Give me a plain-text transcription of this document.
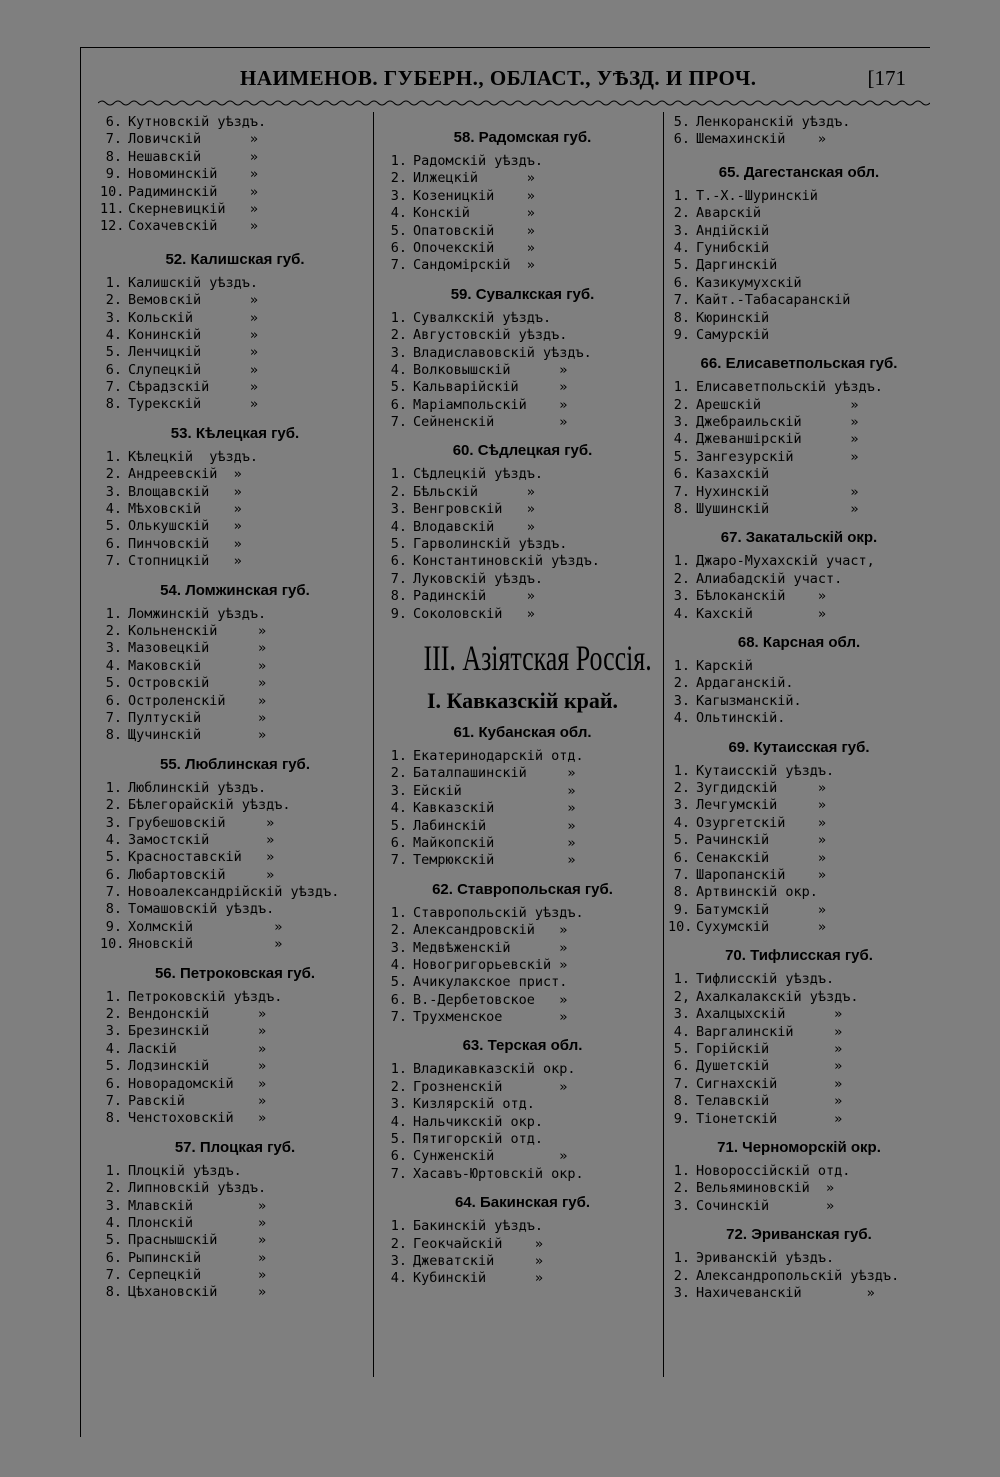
НАИМЕНОВ. ГУБЕРН., ОБЛАСТ., УѢЗД. И ПРОЧ.	[171
6. Кутновскій уѣздъ.
7. Ловичскій      »
8. Нешавскій      »
9. Новоминскій    »
10. Радиминскій    »
11. Скерневицкій   »
12. Сохачевскій    »
52. Калишская губ.
1. Калишскій уѣздъ.
2. Вемовскій      »
3. Кольскій       »
4. Конинскій      »
5. Ленчицкій      »
6. Слупецкій      »
7. Сѣрадзскій     »
8. Турекскій      »
53. Кѣлецкая губ.
1. Кѣлецкій  уѣздъ.
2. Андреевскій  »
3. Влощавскій   »
4. Мѣховскій    »
5. Олькушскій   »
6. Пинчовскій   »
7. Стопницкій   »
54. Ломжинская губ.
1. Ломжинскій уѣздъ.
2. Кольненскій     »
3. Мазовецкій      »
4. Маковскій       »
5. Островскій      »
6. Остроленскій    »
7. Пултускій       »
8. Щучинскій       »
55. Люблинская губ.
1. Люблинскій уѣздъ.
2. Бѣлегорайскій уѣздъ.
3. Грубешовскій     »
4. Замостскій       »
5. Красноставскій   »
6. Любартовскій     »
7. Новоалександрійскій уѣздъ.
8. Томашовскій уѣздъ.
9. Холмскій          »
10. Яновскій          »
56. Петроковская губ.
1. Петроковскій уѣздъ.
2. Вендонскій      »
3. Брезинскій      »
4. Ласкій          »
5. Лодзинскій      »
6. Новорадомскій   »
7. Равскій         »
8. Ченстоховскій   »
57. Плоцкая губ.
1. Плоцкій уѣздъ.
2. Липновскій уѣздъ.
3. Млавскій        »
4. Плонскій        »
5. Праснышскій     »
6. Рыпинскій       »
7. Серпецкій       »
8. Цѣхановскій     »
58. Радомская губ.
1. Радомскій уѣздъ.
2. Илжецкій      »
3. Козеницкій    »
4. Конскій       »
5. Опатовскій    »
6. Опочекскій    »
7. Сандомірскій  »
59. Сувалкская губ.
1. Сувалкскій уѣздъ.
2. Августовскій уѣздъ.
3. Владиславовскій уѣздъ.
4. Волковышскій      »
5. Кальварійскій     »
6. Маріампольскій    »
7. Сейненскій        »
60. Сѣдлецкая губ.
1. Сѣдлецкій уѣздъ.
2. Бѣльскій      »
3. Венгровскій   »
4. Влодавскій    »
5. Гарволинскій уѣздъ.
6. Константиновскій уѣздъ.
7. Луковскій уѣздъ.
8. Радинскій     »
9. Соколовскій   »
III. Азіятская Россія.
I. Кавказскій край.
61. Кубанская обл.
1. Екатеринодарскій отд.
2. Баталпашинскій     »
3. Ейскій             »
4. Кавказскій         »
5. Лабинскій          »
6. Майкопскій         »
7. Темрюкскій         »
62. Ставропольская губ.
1. Ставропольскій уѣздъ.
2. Александровскій   »
3. Медвѣженскій      »
4. Новогригорьевскій »
5. Ачикулакское прист.
6. В.-Дербетовское   »
7. Трухменское       »
63. Терская обл.
1. Владикавказскій окр.
2. Грозненскій       »
3. Кизлярскій отд.
4. Нальчикскій окр.
5. Пятигорскій отд.
6. Сунженскій        »
7. Хасавъ-Юртовскій окр.
64. Бакинская губ.
1. Бакинскій уѣздъ.
2. Геокчайскій    »
3. Джеватскій     »
4. Кубинскій      »
5. Ленкоранскій уѣздъ.
6. Шемахинскій    »
65. Дагестанская обл.
1. Т.-Х.-Шуринскій
2. Аварскій
3. Андійскій
4. Гунибскій
5. Даргинскій
6. Казикумухскій
7. Кайт.-Табасаранскій
8. Кюринскій
9. Самурскій
66. Елисаветпольская губ.
1. Елисаветпольскій уѣздъ.
2. Арешскій           »
3. Джебраильскій      »
4. Джеваншірскій      »
5. Зангезурскій       »
6. Казахскій
7. Нухинскій          »
8. Шушинскій          »
67. Закатальскій окр.
1. Джаро-Мухахскій участ,
2. Алиабадскій участ.
3. Бѣлоканскій    »
4. Кахскій        »
68. Карсная обл.
1. Карскій
2. Ардаганскій.
3. Кагызманскій.
4. Ольтинскій.
69. Кутаисская губ.
1. Кутаисскій уѣздъ.
2. Зугдидскій     »
3. Лечгумскій     »
4. Озургетскій    »
5. Рачинскій      »
6. Сенакскій      »
7. Шаропанскій    »
8. Артвинскій окр.
9. Батумскій      »
10. Сухумскій      »
70. Тифлисская губ.
1. Тифлисскій уѣздъ.
2, Ахалкалакскій уѣздъ.
3. Ахалцыхскій      »
4. Варгалинскій     »
5. Горійскій        »
6. Душетскій        »
7. Сигнахскій       »
8. Телавскій        »
9. Тіонетскій       »
71. Черноморскій окр.
1. Новороссійскій отд.
2. Вельяминовскій  »
3. Сочинскій       »
72. Эриванская губ.
1. Эриванскій уѣздъ.
2. Александропольскій уѣздъ.
3. Нахичеванскій        »
